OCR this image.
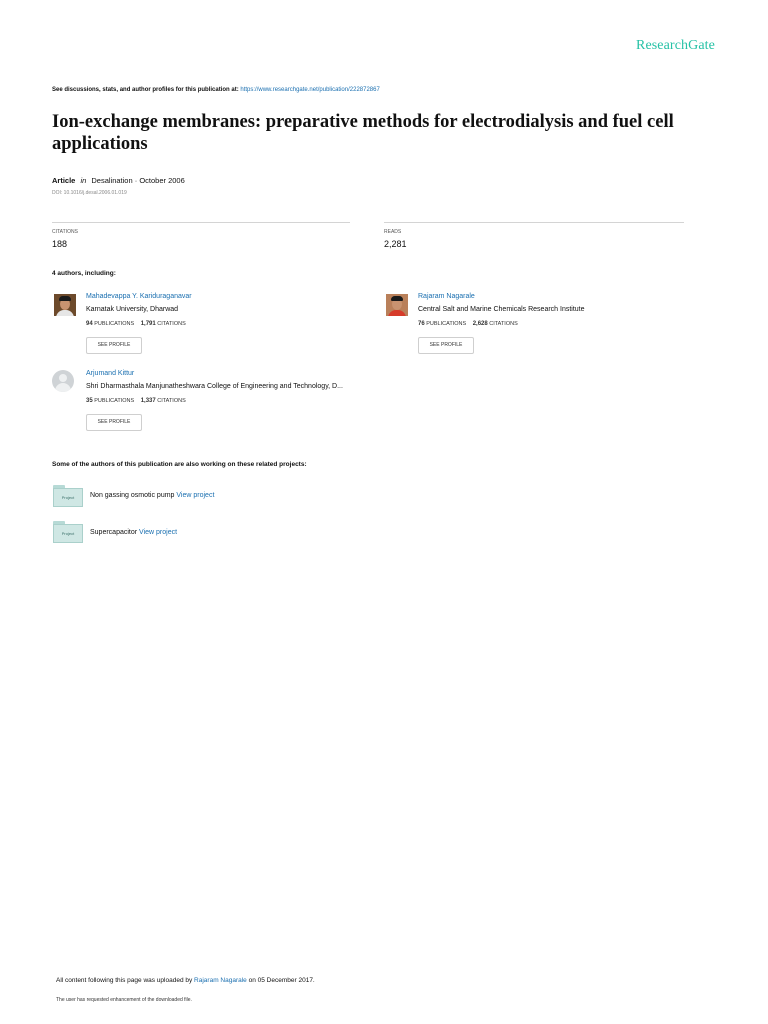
ResearchGate
See discussions, stats, and author profiles for this publication at: https://www.researchgate.net/publication/222872867
Ion-exchange membranes: preparative methods for electrodialysis and fuel cell applications
Article in Desalination · October 2006
DOI: 10.1016/j.desal.2006.01.019
CITATIONS
188
READS
2,281
4 authors, including:
Mahadevappa Y. Kariduraganavar
Karnatak University, Dharwad
94 PUBLICATIONS 1,791 CITATIONS
SEE PROFILE
Rajaram Nagarale
Central Salt and Marine Chemicals Research Institute
76 PUBLICATIONS 2,628 CITATIONS
SEE PROFILE
Arjumand Kittur
Shri Dharmasthala Manjunatheshwara College of Engineering and Technology, D...
35 PUBLICATIONS 1,337 CITATIONS
SEE PROFILE
Some of the authors of this publication are also working on these related projects:
Project	Non gassing osmotic pump View project
Project	Supercapacitor View project
All content following this page was uploaded by Rajaram Nagarale on 05 December 2017.
The user has requested enhancement of the downloaded file.
